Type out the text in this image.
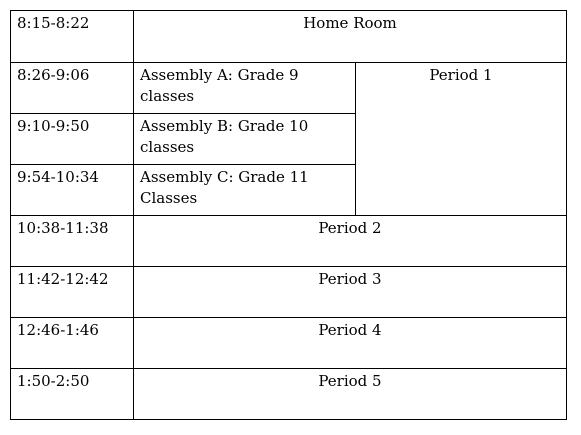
8:15-8:22	Home Room	
8:26-9:06	Assembly A: Grade 9 classes	Period 1
9:10-9:50	Assembly B: Grade 10 classes	
9:54-10:34	Assembly C: Grade 11 Classes	
10:38-11:38	Period 2	
11:42-12:42	Period 3	
12:46-1:46	Period 4	
1:50-2:50	Period 5	
